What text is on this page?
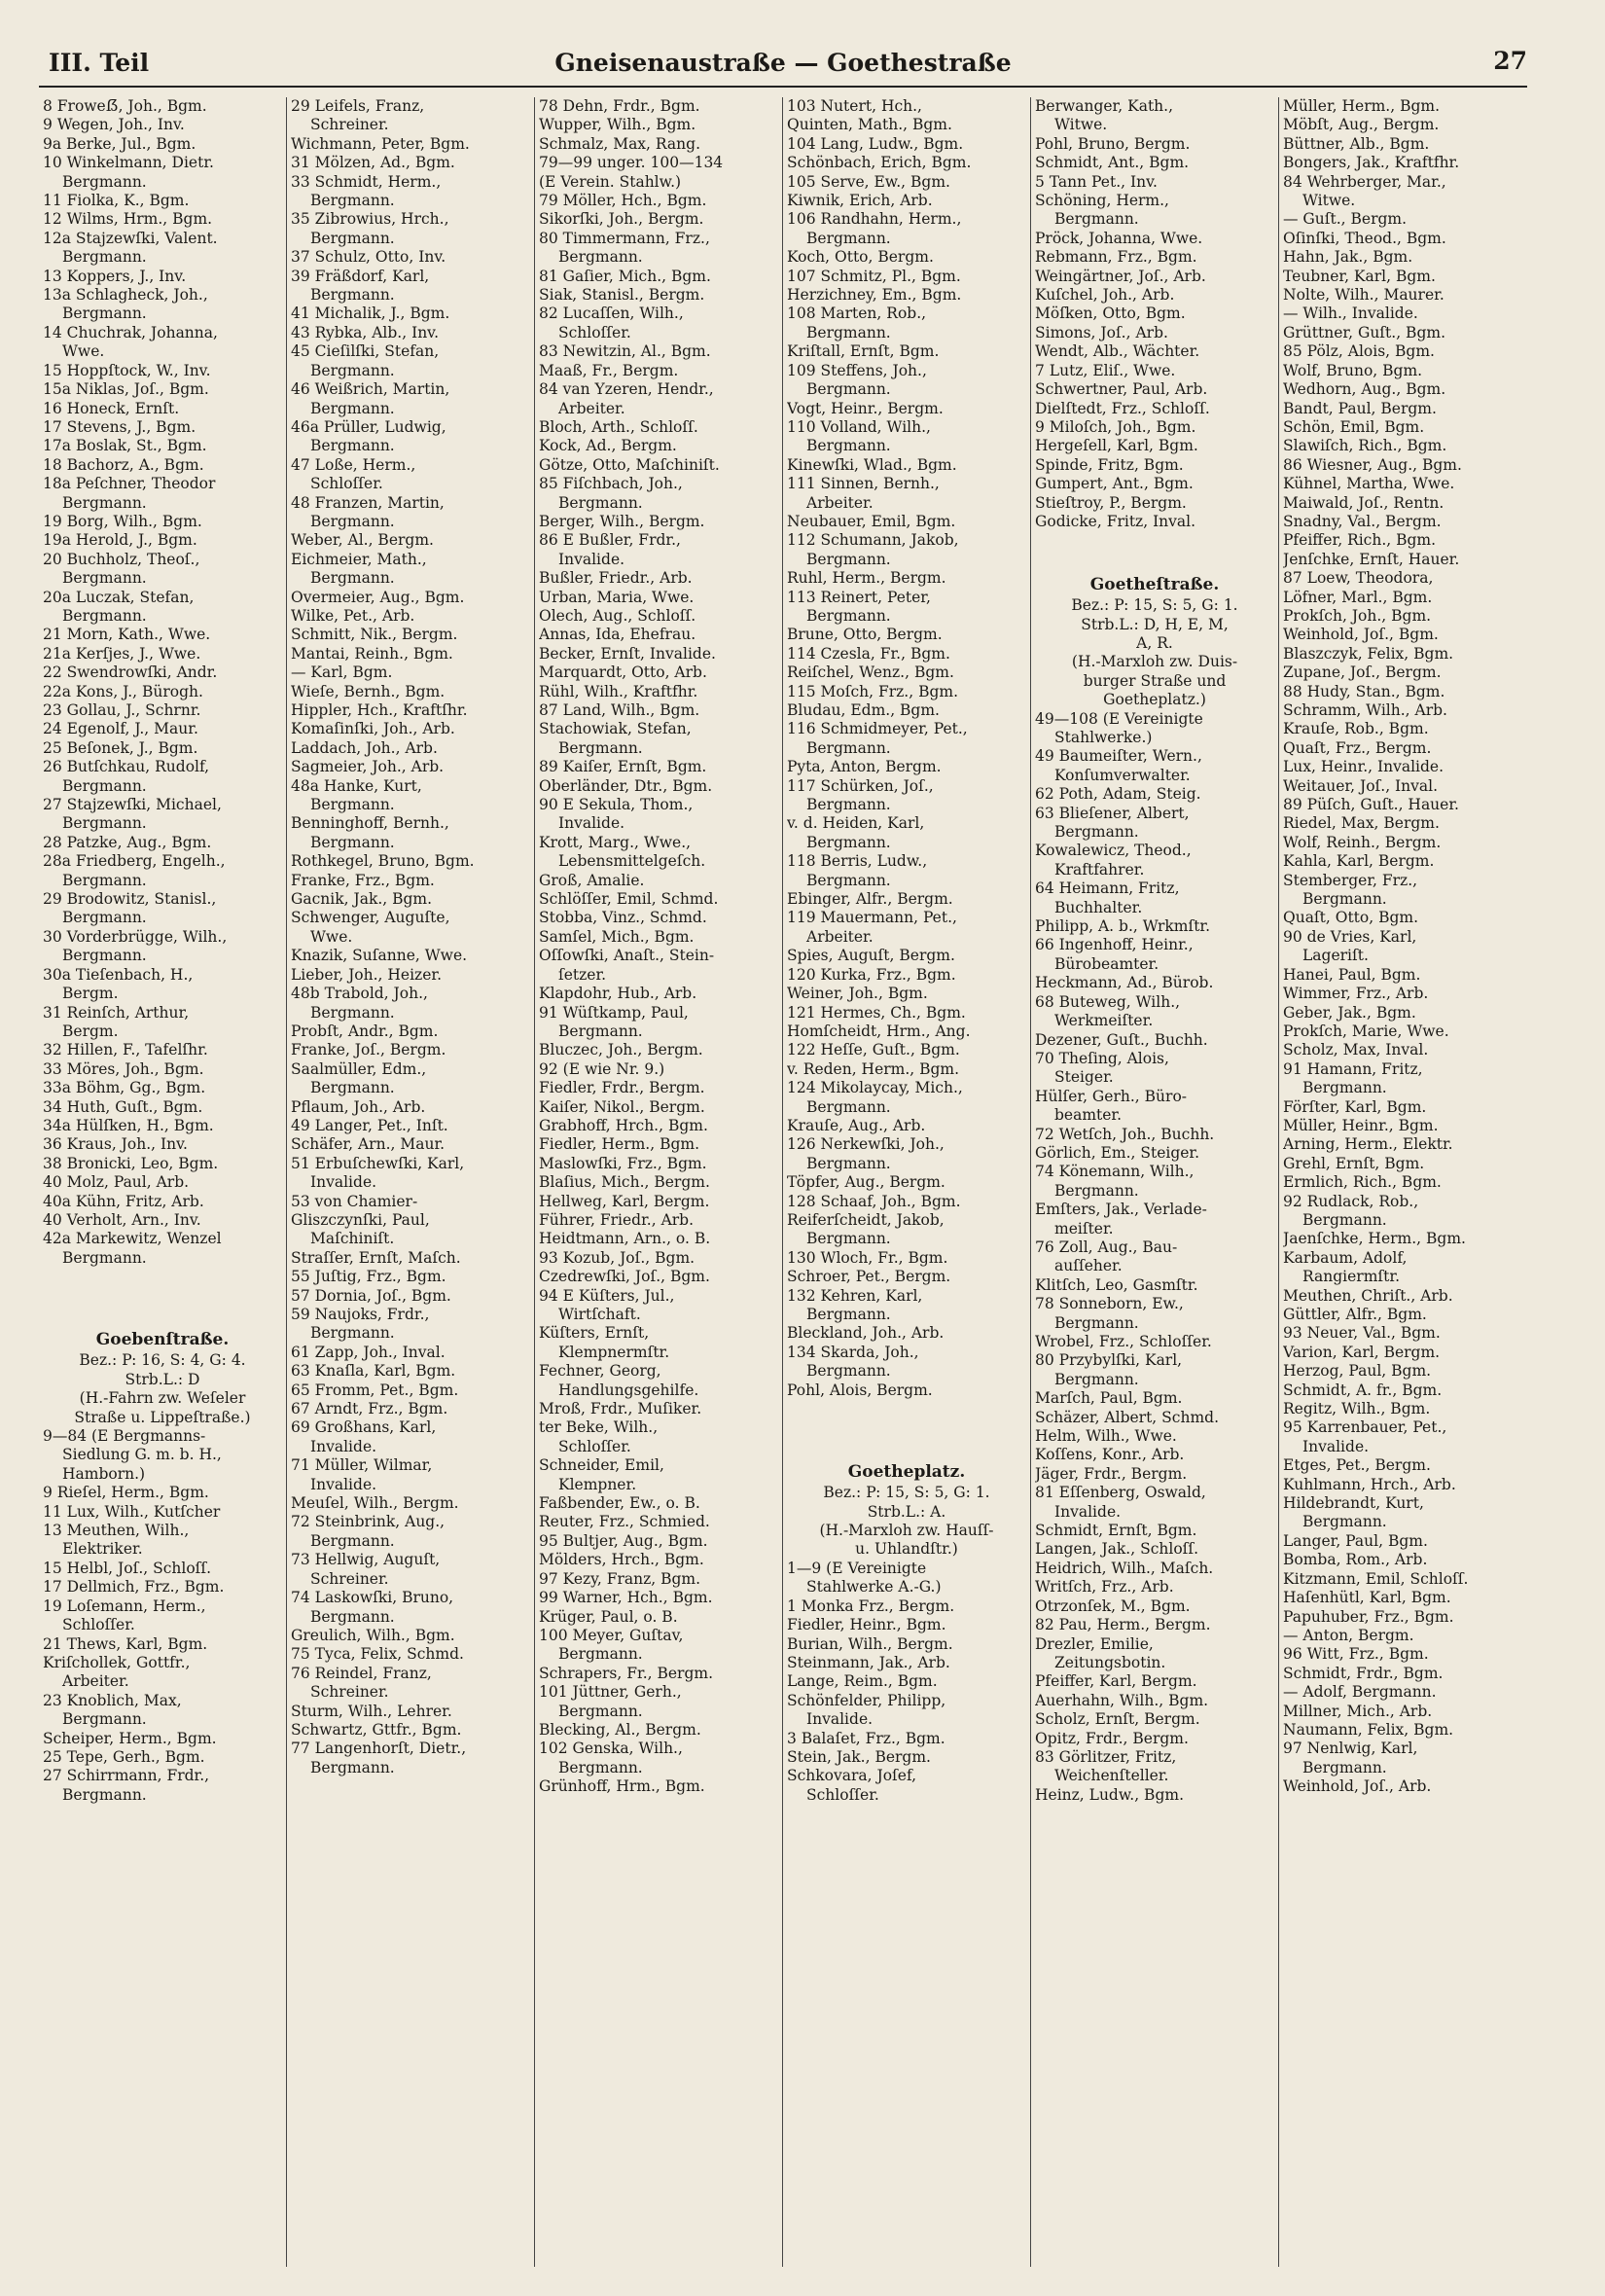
III. Teil	Gneisenaustraße — Goethestraße	27
8 Froweẞ, Joh., Bgm.
9 Wegen, Joh., Inv.
9a Berke, Jul., Bgm.
10 Winkelmann, Dietr.
Bergmann.
11 Fiolka, K., Bgm.
12 Wilms, Hrm., Bgm.
12a Stajzewſki, Valent.
Bergmann.
13 Koppers, J., Inv.
13a Schlagheck, Joh.,
Bergmann.
14 Chuchrak, Johanna,
Wwe.
15 Hoppſtock, W., Inv.
15a Niklas, Joſ., Bgm.
16 Honeck, Ernſt.
17 Stevens, J., Bgm.
17a Boslak, St., Bgm.
18 Bachorz, A., Bgm.
18a Peſchner, Theodor
Bergmann.
19 Borg, Wilh., Bgm.
19a Herold, J., Bgm.
20 Buchholz, Theoſ.,
Bergmann.
20a Luczak, Stefan,
Bergmann.
21 Morn, Kath., Wwe.
21a Kerſjes, J., Wwe.
22 Swendrowſki, Andr.
22a Kons, J., Bürogh.
23 Gollau, J., Schrnr.
24 Egenolf, J., Maur.
25 Beſonek, J., Bgm.
26 Butſchkau, Rudolf,
Bergmann.
27 Stajzewſki, Michael,
Bergmann.
28 Patzke, Aug., Bgm.
28a Friedberg, Engelh.,
Bergmann.
29 Brodowitz, Stanisl.,
Bergmann.
30 Vorderbrügge, Wilh.,
Bergmann.
30a Tieſenbach, H.,
Bergm.
31 Reinſch, Arthur,
Bergm.
32 Hillen, F., Tafelſhr.
33 Möres, Joh., Bgm.
33a Böhm, Gg., Bgm.
34 Huth, Guſt., Bgm.
34a Hülſken, H., Bgm.
36 Kraus, Joh., Inv.
38 Bronicki, Leo, Bgm.
40 Molz, Paul, Arb.
40a Kühn, Fritz, Arb.
40 Verholt, Arn., Inv.
42a Markewitz, Wenzel
Bergmann.

Goebenſtraße.
Bez.: P: 16, S: 4, G: 4.
Strb.L.: D
(H.-Fahrn zw. Weſeler
Straße u. Lippeſtraße.)
9—84 (E Bergmanns-
Siedlung G. m. b. H.,
Hamborn.)
9 Rieſel, Herm., Bgm.
11 Lux, Wilh., Kutſcher
13 Meuthen, Wilh.,
Elektriker.
15 Helbl, Joſ., Schloſſ.
17 Dellmich, Frz., Bgm.
19 Loſemann, Herm.,
Schloſſer.
21 Thews, Karl, Bgm.
Kriſchollek, Gottfr.,
Arbeiter.
23 Knoblich, Max,
Bergmann.
Scheiper, Herm., Bgm.
25 Tepe, Gerh., Bgm.
27 Schirrmann, Frdr.,
Bergmann.
29 Leifels, Franz,
Schreiner.
Wichmann, Peter, Bgm.
31 Mölzen, Ad., Bgm.
33 Schmidt, Herm.,
Bergmann.
35 Zibrowius, Hrch.,
Bergmann.
37 Schulz, Otto, Inv.
39 Fräßdorf, Karl,
Bergmann.
41 Michalik, J., Bgm.
43 Rybka, Alb., Inv.
45 Cieſilſki, Stefan,
Bergmann.
46 Weißrich, Martin,
Bergmann.
46a Prüller, Ludwig,
Bergmann.
47 Loße, Herm.,
Schloſſer.
48 Franzen, Martin,
Bergmann.
Weber, Al., Bergm.
Eichmeier, Math.,
Bergmann.
Overmeier, Aug., Bgm.
Wilke, Pet., Arb.
Schmitt, Nik., Bergm.
Mantai, Reinh., Bgm.
— Karl, Bgm.
Wieſe, Bernh., Bgm.
Hippler, Hch., Kraftſhr.
Komaſinſki, Joh., Arb.
Laddach, Joh., Arb.
Sagmeier, Joh., Arb.
48a Hanke, Kurt,
Bergmann.
Benninghoff, Bernh.,
Bergmann.
Rothkegel, Bruno, Bgm.
Franke, Frz., Bgm.
Gacnik, Jak., Bgm.
Schwenger, Auguſte,
Wwe.
Knazik, Suſanne, Wwe.
Lieber, Joh., Heizer.
48b Trabold, Joh.,
Bergmann.
Probſt, Andr., Bgm.
Franke, Joſ., Bergm.
Saalmüller, Edm.,
Bergmann.
Pflaum, Joh., Arb.
49 Langer, Pet., Inſt.
Schäfer, Arn., Maur.
51 Erbuſchewſki, Karl,
Invalide.
53 von Chamier-
Gliszczynſki, Paul,
Maſchiniſt.
Straſſer, Ernſt, Maſch.
55 Juſtig, Frz., Bgm.
57 Dornia, Joſ., Bgm.
59 Naujoks, Frdr.,
Bergmann.
61 Zapp, Joh., Inval.
63 Knaſla, Karl, Bgm.
65 Fromm, Pet., Bgm.
67 Arndt, Frz., Bgm.
69 Großhans, Karl,
Invalide.
71 Müller, Wilmar,
Invalide.
Meuſel, Wilh., Bergm.
72 Steinbrink, Aug.,
Bergmann.
73 Hellwig, Auguſt,
Schreiner.
74 Laskowſki, Bruno,
Bergmann.
Greulich, Wilh., Bgm.
75 Tyca, Felix, Schmd.
76 Reindel, Franz,
Schreiner.
Sturm, Wilh., Lehrer.
Schwartz, Gttfr., Bgm.
77 Langenhorſt, Dietr.,
Bergmann.
78 Dehn, Frdr., Bgm.
Wupper, Wilh., Bgm.
Schmalz, Max, Rang.
79—99 unger. 100—134
(E Verein. Stahlw.)
79 Möller, Hch., Bgm.
Sikorſki, Joh., Bergm.
80 Timmermann, Frz.,
Bergmann.
81 Gaſier, Mich., Bgm.
Siak, Stanisl., Bergm.
82 Lucaſſen, Wilh.,
Schloſſer.
83 Newitzin, Al., Bgm.
Maaß, Fr., Bergm.
84 van Yzeren, Hendr.,
Arbeiter.
Bloch, Arth., Schloſſ.
Kock, Ad., Bergm.
Götze, Otto, Maſchiniſt.
85 Fiſchbach, Joh.,
Bergmann.
Berger, Wilh., Bergm.
86 E Bußler, Frdr.,
Invalide.
Bußler, Friedr., Arb.
Urban, Maria, Wwe.
Olech, Aug., Schloſſ.
Annas, Ida, Ehefrau.
Becker, Ernſt, Invalide.
Marquardt, Otto, Arb.
Rühl, Wilh., Kraftfhr.
87 Land, Wilh., Bgm.
Stachowiak, Stefan,
Bergmann.
89 Kaiſer, Ernſt, Bgm.
Oberländer, Dtr., Bgm.
90 E Sekula, Thom.,
Invalide.
Krott, Marg., Wwe.,
Lebensmittelgeſch.
Groß, Amalie.
Schlöſſer, Emil, Schmd.
Stobba, Vinz., Schmd.
Samſel, Mich., Bgm.
Oſſowſki, Anaſt., Stein-
ſetzer.
Klapdohr, Hub., Arb.
91 Wüſtkamp, Paul,
Bergmann.
Bluczec, Joh., Bergm.
92 (E wie Nr. 9.)
Fiedler, Frdr., Bergm.
Kaiſer, Nikol., Bergm.
Grabhoff, Hrch., Bgm.
Fiedler, Herm., Bgm.
Maslowſki, Frz., Bgm.
Blaſius, Mich., Bergm.
Hellweg, Karl, Bergm.
Führer, Friedr., Arb.
Heidtmann, Arn., o. B.
93 Kozub, Joſ., Bgm.
Czedrewſki, Joſ., Bgm.
94 E Küſters, Jul.,
Wirtſchaft.
Küſters, Ernſt,
Klempnermſtr.
Fechner, Georg,
Handlungsgehilfe.
Mroß, Frdr., Muſiker.
ter Beke, Wilh.,
Schloſſer.
Schneider, Emil,
Klempner.
Faßbender, Ew., o. B.
Reuter, Frz., Schmied.
95 Bultjer, Aug., Bgm.
Mölders, Hrch., Bgm.
97 Kezy, Franz, Bgm.
99 Warner, Hch., Bgm.
Krüger, Paul, o. B.
100 Meyer, Guſtav,
Bergmann.
Schrapers, Fr., Bergm.
101 Jüttner, Gerh.,
Bergmann.
Blecking, Al., Bergm.
102 Genska, Wilh.,
Bergmann.
Grünhoff, Hrm., Bgm.
103 Nutert, Hch.,
Quinten, Math., Bgm.
104 Lang, Ludw., Bgm.
Schönbach, Erich, Bgm.
105 Serve, Ew., Bgm.
Kiwnik, Erich, Arb.
106 Randhahn, Herm.,
Bergmann.
Koch, Otto, Bergm.
107 Schmitz, Pl., Bgm.
Herzichney, Em., Bgm.
108 Marten, Rob.,
Bergmann.
Kriſtall, Ernſt, Bgm.
109 Steffens, Joh.,
Bergmann.
Vogt, Heinr., Bergm.
110 Volland, Wilh.,
Bergmann.
Kinewſki, Wlad., Bgm.
111 Sinnen, Bernh.,
Arbeiter.
Neubauer, Emil, Bgm.
112 Schumann, Jakob,
Bergmann.
Ruhl, Herm., Bergm.
113 Reinert, Peter,
Bergmann.
Brune, Otto, Bergm.
114 Czesla, Fr., Bgm.
Reiſchel, Wenz., Bgm.
115 Moſch, Frz., Bgm.
Bludau, Edm., Bgm.
116 Schmidmeyer, Pet.,
Bergmann.
Pyta, Anton, Bergm.
117 Schürken, Joſ.,
Bergmann.
v. d. Heiden, Karl,
Bergmann.
118 Berris, Ludw.,
Bergmann.
Ebinger, Alfr., Bergm.
119 Mauermann, Pet.,
Arbeiter.
Spies, Auguſt, Bergm.
120 Kurka, Frz., Bgm.
Weiner, Joh., Bgm.
121 Hermes, Ch., Bgm.
Homſcheidt, Hrm., Ang.
122 Heſſe, Guſt., Bgm.
v. Reden, Herm., Bgm.
124 Mikolaycay, Mich.,
Bergmann.
Krauſe, Aug., Arb.
126 Nerkewſki, Joh.,
Bergmann.
Töpfer, Aug., Bergm.
128 Schaaf, Joh., Bgm.
Reiferſcheidt, Jakob,
Bergmann.
130 Wloch, Fr., Bgm.
Schroer, Pet., Bergm.
132 Kehren, Karl,
Bergmann.
Bleckland, Joh., Arb.
134 Skarda, Joh.,
Bergmann.
Pohl, Alois, Bergm.

Goetheplatz.
Bez.: P: 15, S: 5, G: 1.
Strb.L.: A.
(H.-Marxloh zw. Hauſſ-
u. Uhlandſtr.)
1—9 (E Vereinigte
Stahlwerke A.-G.)
1 Monka Frz., Bergm.
Fiedler, Heinr., Bgm.
Burian, Wilh., Bergm.
Steinmann, Jak., Arb.
Lange, Reim., Bgm.
Schönfelder, Philipp,
Invalide.
3 Balaſet, Frz., Bgm.
Stein, Jak., Bergm.
Schkovara, Joſef,
Schloſſer.
Berwanger, Kath.,
Witwe.
Pohl, Bruno, Bergm.
Schmidt, Ant., Bgm.
5 Tann Pet., Inv.
Schöning, Herm.,
Bergmann.
Pröck, Johanna, Wwe.
Rebmann, Frz., Bgm.
Weingärtner, Joſ., Arb.
Kuſchel, Joh., Arb.
Möſken, Otto, Bgm.
Simons, Joſ., Arb.
Wendt, Alb., Wächter.
7 Lutz, Eliſ., Wwe.
Schwertner, Paul, Arb.
Dielſtedt, Frz., Schloſſ.
9 Miloſch, Joh., Bgm.
Hergeſell, Karl, Bgm.
Spinde, Fritz, Bgm.
Gumpert, Ant., Bgm.
Stieſtroy, P., Bergm.
Godicke, Fritz, Inval.

Goetheſtraße.
Bez.: P: 15, S: 5, G: 1.
Strb.L.: D, H, E, M,
A, R.
(H.-Marxloh zw. Duis-
burger Straße und
Goetheplatz.)
49—108 (E Vereinigte
Stahlwerke.)
49 Baumeiſter, Wern.,
Konſumverwalter.
62 Poth, Adam, Steig.
63 Blieſener, Albert,
Bergmann.
Kowalewicz, Theod.,
Kraftfahrer.
64 Heimann, Fritz,
Buchhalter.
Philipp, A. b., Wrkmſtr.
66 Ingenhoff, Heinr.,
Bürobeamter.
Heckmann, Ad., Bürob.
68 Buteweg, Wilh.,
Werkmeiſter.
Dezener, Guſt., Buchh.
70 Theſing, Alois,
Steiger.
Hülſer, Gerh., Büro-
beamter.
72 Wetſch, Joh., Buchh.
Görlich, Em., Steiger.
74 Könemann, Wilh.,
Bergmann.
Emſters, Jak., Verlade-
meiſter.
76 Zoll, Aug., Bau-
auſſeher.
Klitſch, Leo, Gasmſtr.
78 Sonneborn, Ew.,
Bergmann.
Wrobel, Frz., Schloſſer.
80 Przybylſki, Karl,
Bergmann.
Marſch, Paul, Bgm.
Schäzer, Albert, Schmd.
Helm, Wilh., Wwe.
Koſſens, Konr., Arb.
Jäger, Frdr., Bergm.
81 Eſſenberg, Oswald,
Invalide.
Schmidt, Ernſt, Bgm.
Langen, Jak., Schloſſ.
Heidrich, Wilh., Maſch.
Writſch, Frz., Arb.
Otrzonſek, M., Bgm.
82 Pau, Herm., Bergm.
Drezler, Emilie,
Zeitungsbotin.
Pfeiffer, Karl, Bergm.
Auerhahn, Wilh., Bgm.
Scholz, Ernſt, Bergm.
Opitz, Frdr., Bergm.
83 Görlitzer, Fritz,
Weichenſteller.
Heinz, Ludw., Bgm.
Müller, Herm., Bgm.
Möbſt, Aug., Bergm.
Büttner, Alb., Bgm.
Bongers, Jak., Kraftfhr.
84 Wehrberger, Mar.,
Witwe.
— Guſt., Bergm.
Oſinſki, Theod., Bgm.
Hahn, Jak., Bgm.
Teubner, Karl, Bgm.
Nolte, Wilh., Maurer.
— Wilh., Invalide.
Grüttner, Guſt., Bgm.
85 Pölz, Alois, Bgm.
Wolf, Bruno, Bgm.
Wedhorn, Aug., Bgm.
Bandt, Paul, Bergm.
Schön, Emil, Bgm.
Slawiſch, Rich., Bgm.
86 Wiesner, Aug., Bgm.
Kühnel, Martha, Wwe.
Maiwald, Joſ., Rentn.
Snadny, Val., Bergm.
Pfeiffer, Rich., Bgm.
Jenſchke, Ernſt, Hauer.
87 Loew, Theodora,
Löfner, Marl., Bgm.
Prokſch, Joh., Bgm.
Weinhold, Joſ., Bgm.
Blaszczyk, Felix, Bgm.
Zupane, Joſ., Bergm.
88 Hudy, Stan., Bgm.
Schramm, Wilh., Arb.
Krauſe, Rob., Bgm.
Quaſt, Frz., Bergm.
Lux, Heinr., Invalide.
Weitauer, Joſ., Inval.
89 Püſch, Guſt., Hauer.
Riedel, Max, Bergm.
Wolf, Reinh., Bergm.
Kahla, Karl, Bergm.
Stemberger, Frz.,
Bergmann.
Quaſt, Otto, Bgm.
90 de Vries, Karl,
Lageriſt.
Hanei, Paul, Bgm.
Wimmer, Frz., Arb.
Geber, Jak., Bgm.
Prokſch, Marie, Wwe.
Scholz, Max, Inval.
91 Hamann, Fritz,
Bergmann.
Förſter, Karl, Bgm.
Müller, Heinr., Bgm.
Arning, Herm., Elektr.
Grehl, Ernſt, Bgm.
Ermlich, Rich., Bgm.
92 Rudlack, Rob.,
Bergmann.
Jaenſchke, Herm., Bgm.
Karbaum, Adolf,
Rangiermſtr.
Meuthen, Chriſt., Arb.
Güttler, Alfr., Bgm.
93 Neuer, Val., Bgm.
Varion, Karl, Bergm.
Herzog, Paul, Bgm.
Schmidt, A. fr., Bgm.
Regitz, Wilh., Bgm.
95 Karrenbauer, Pet.,
Invalide.
Etges, Pet., Bergm.
Kuhlmann, Hrch., Arb.
Hildebrandt, Kurt,
Bergmann.
Langer, Paul, Bgm.
Bomba, Rom., Arb.
Kitzmann, Emil, Schloſſ.
Haſenhütl, Karl, Bgm.
Papuhuber, Frz., Bgm.
— Anton, Bergm.
96 Witt, Frz., Bgm.
Schmidt, Frdr., Bgm.
— Adolf, Bergmann.
Millner, Mich., Arb.
Naumann, Felix, Bgm.
97 Nenlwig, Karl,
Bergmann.
Weinhold, Joſ., Arb.
